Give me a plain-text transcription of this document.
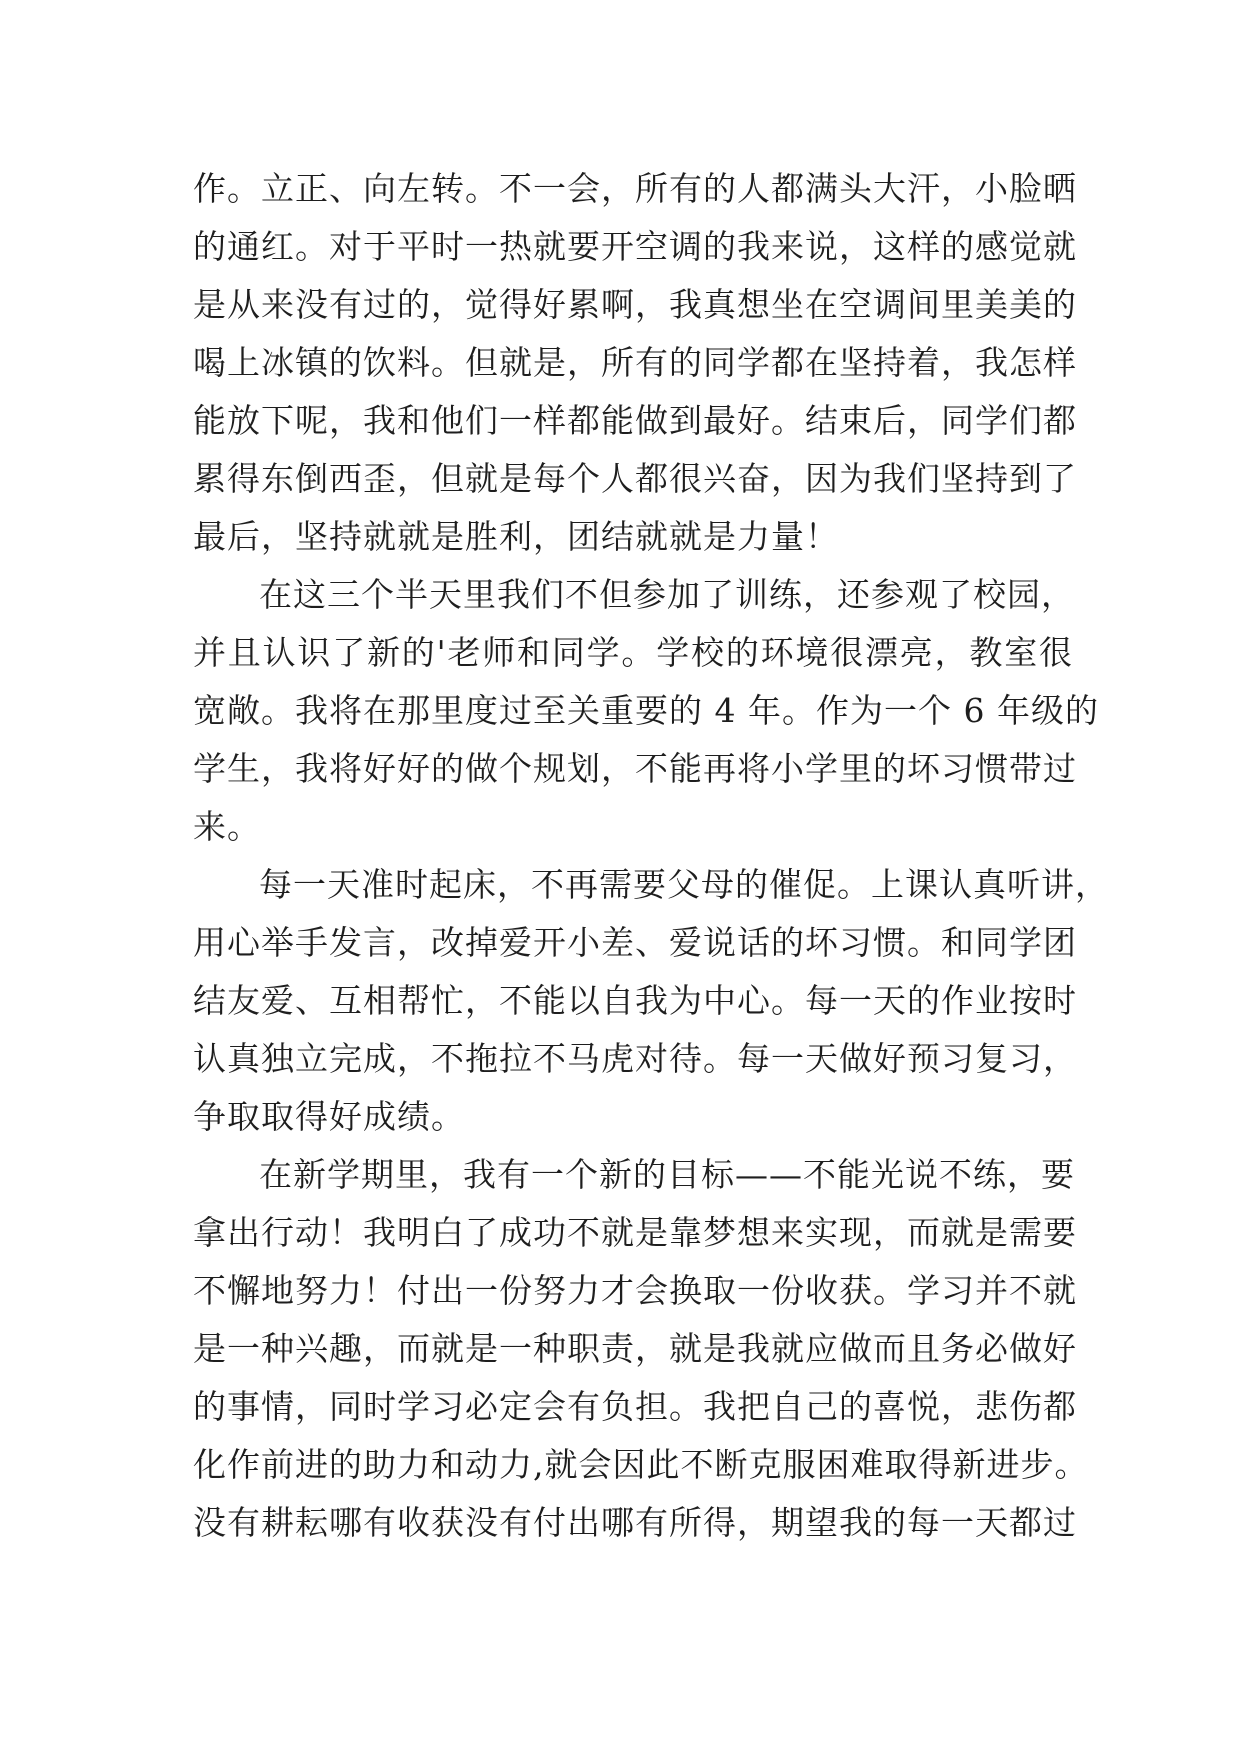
作。立正、向左转。不一会，所有的人都满头大汗，小脸晒
的通红。对于平时一热就要开空调的我来说，这样的感觉就
是从来没有过的，觉得好累啊，我真想坐在空调间里美美的
喝上冰镇的饮料。但就是，所有的同学都在坚持着，我怎样
能放下呢，我和他们一样都能做到最好。结束后，同学们都
累得东倒西歪，但就是每个人都很兴奋，因为我们坚持到了
最后，坚持就就是胜利，团结就就是力量！
在这三个半天里我们不但参加了训练，还参观了校园，
并且认识了新的'老师和同学。学校的环境很漂亮，教室很
宽敞。我将在那里度过至关重要的 4 年。作为一个 6 年级的
学生，我将好好的做个规划，不能再将小学里的坏习惯带过
来。
每一天准时起床，不再需要父母的催促。上课认真听讲，
用心举手发言，改掉爱开小差、爱说话的坏习惯。和同学团
结友爱、互相帮忙，不能以自我为中心。每一天的作业按时
认真独立完成，不拖拉不马虎对待。每一天做好预习复习，
争取取得好成绩。
在新学期里，我有一个新的目标——不能光说不练，要
拿出行动！我明白了成功不就是靠梦想来实现，而就是需要
不懈地努力！付出一份努力才会换取一份收获。学习并不就
是一种兴趣，而就是一种职责，就是我就应做而且务必做好
的事情，同时学习必定会有负担。我把自己的喜悦，悲伤都
化作前进的助力和动力,就会因此不断克服困难取得新进步。
没有耕耘哪有收获没有付出哪有所得，期望我的每一天都过
